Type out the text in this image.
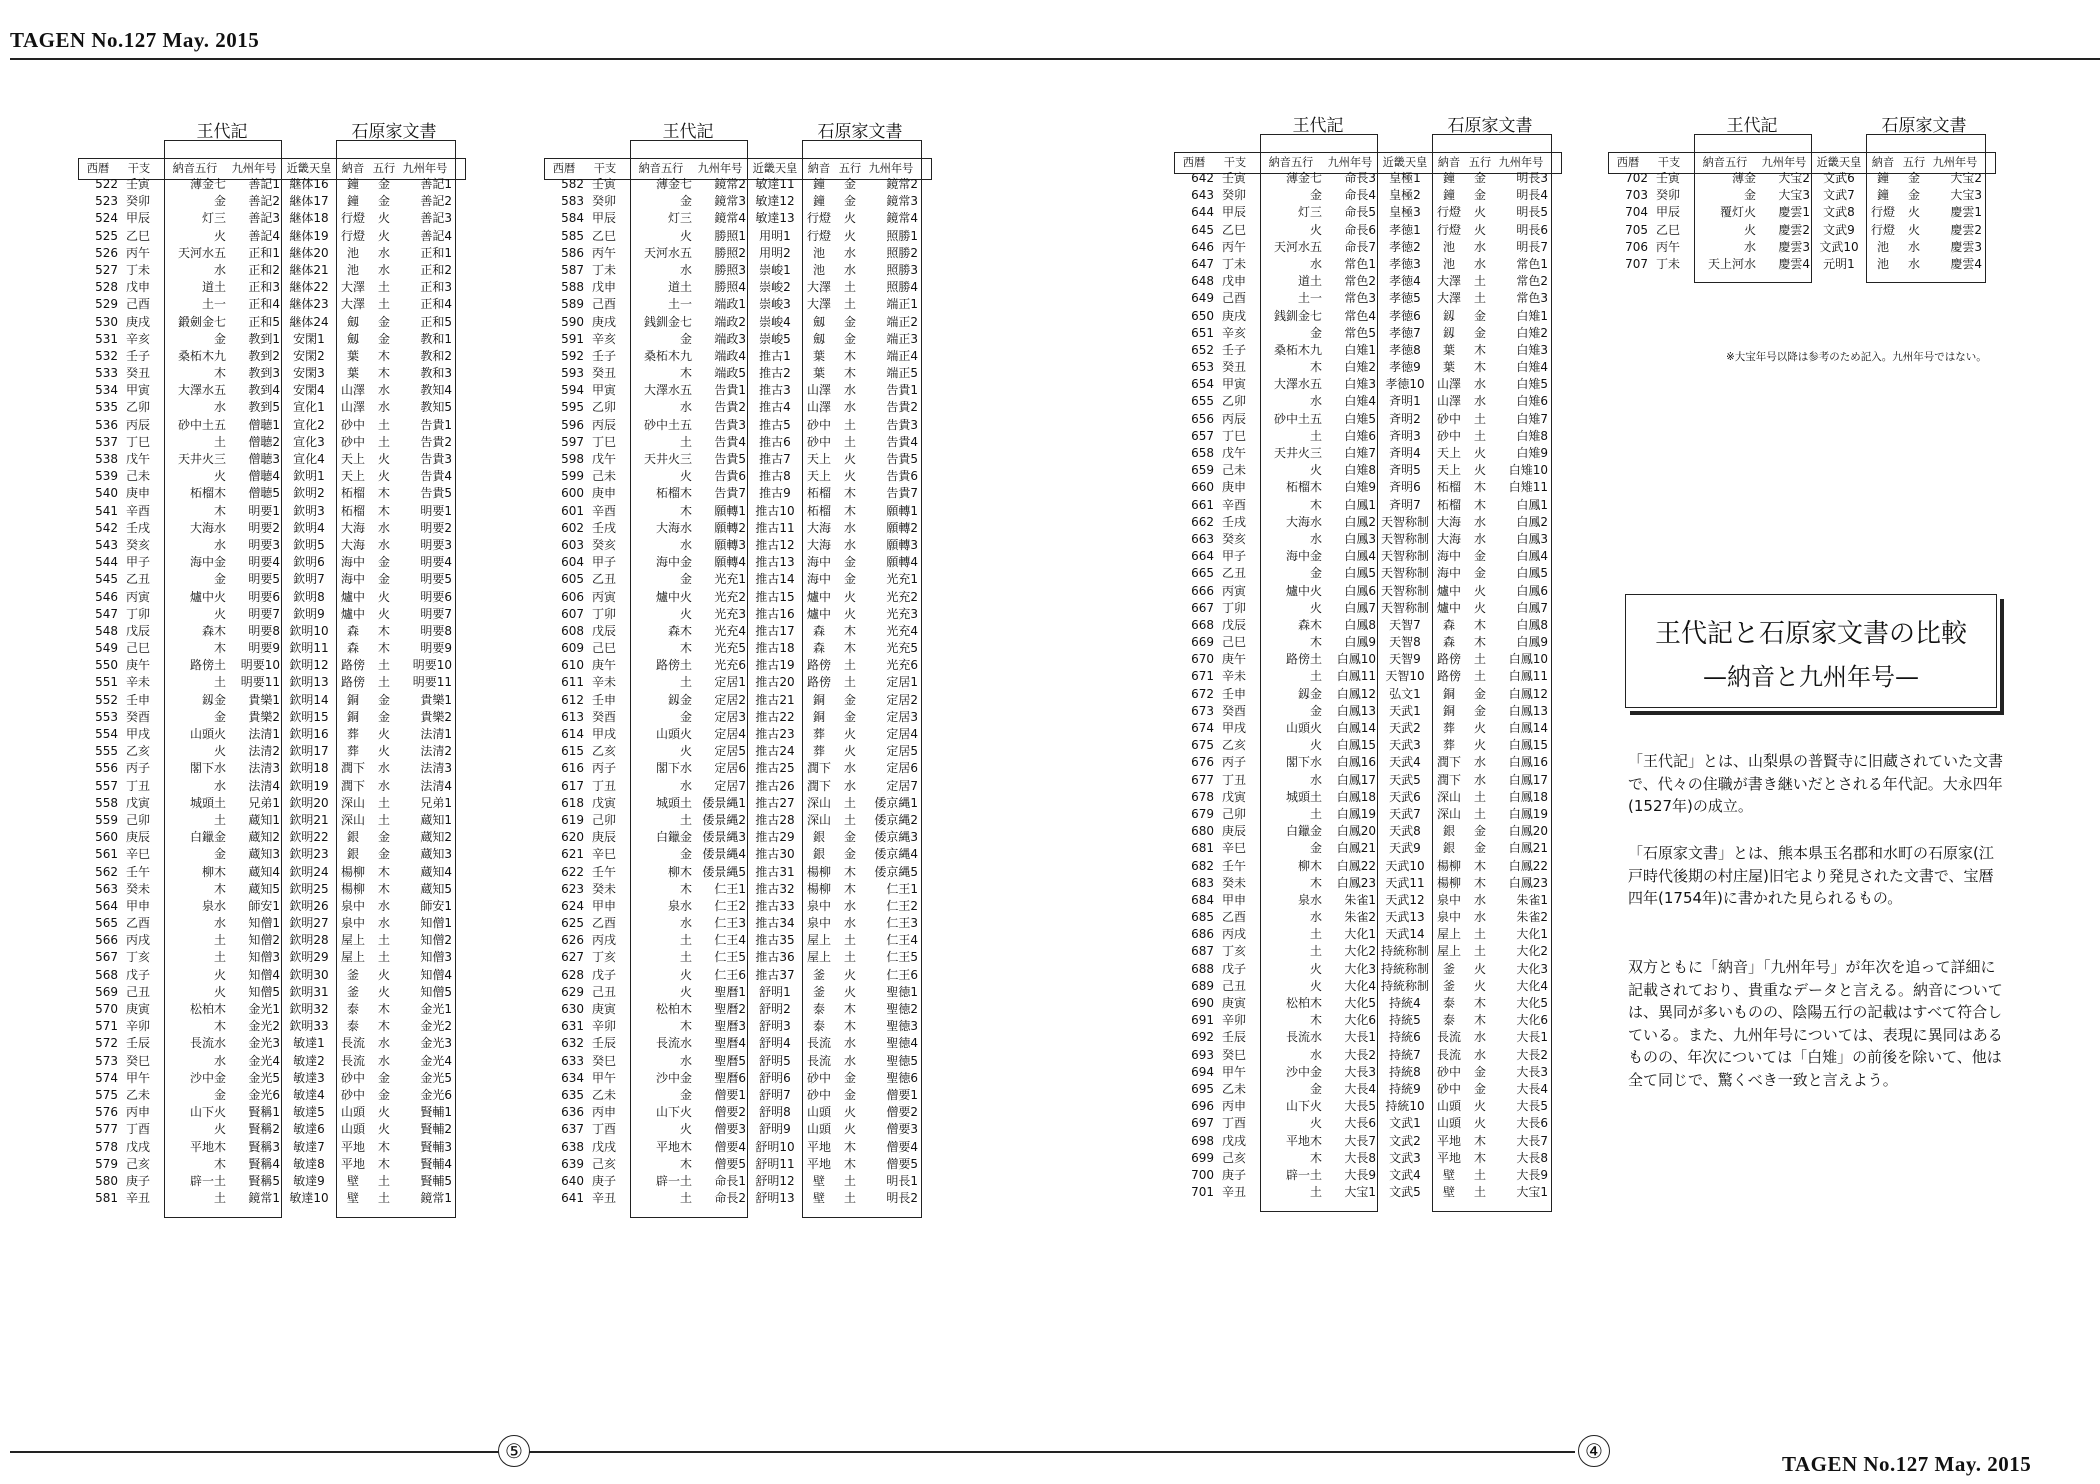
TAGEN No.127 May. 2015
⑤	④
TAGEN No.127 May. 2015
王代記	石原家文書
西暦	干支	納音五行	九州年号 近畿天皇 納音 五行 九州年号
522 壬寅	薄金七	善記1 継体16	鐘	金	善記1
523 癸卯	金	善記2 継体17	鐘	金	善記2
524 甲辰	灯三	善記3 継体18	行燈	火	善記3
525 乙巳	火	善記4 継体19	行燈	火	善記4
526 丙午	天河水五	正和1 継体20	池	水	正和1
527 丁未	水	正和2 継体21	池	水	正和2
528 戊申	道土	正和3 継体22	大澤	土	正和3
529 己酉	土一	正和4 継体23	大澤	土	正和4
530 庚戌	鍛劍金七	正和5 継体24	劔	金	正和5
531 辛亥	金	教到1	安閑1	劔	金	教和1
532 壬子	桑柘木九	教到2	安閑2	葉	木	教和2
533 癸丑	木	教到3	安閑3	葉	木	教和3
534 甲寅	大澤水五	教到4	安閑4	山澤	水	教知4
535 乙卯	水	教到5	宣化1	山澤	水	教知5
536 丙辰	砂中土五	僧聴1	宣化2	砂中	土	告貴1
537 丁巳	土	僧聴2	宣化3	砂中	土	告貴2
538 戊午	天井火三	僧聴3	宣化4	天上	火	告貴3
539 己未	火	僧聴4	欽明1	天上	火	告貴4
540 庚申	柘榴木	僧聴5	欽明2	柘榴	木	告貴5
541 辛酉	木	明要1	欽明3	柘榴	木	明要1
542 壬戌	大海水	明要2	欽明4	大海	水	明要2
543 癸亥	水	明要3	欽明5	大海	水	明要3
544 甲子	海中金	明要4	欽明6	海中	金	明要4
545 乙丑	金	明要5	欽明7	海中	金	明要5
546 丙寅	爐中火	明要6	欽明8	爐中	火	明要6
547 丁卯	火	明要7	欽明9	爐中	火	明要7
548 戊辰	森木	明要8 欽明10	森	木	明要8
549 己巳	木	明要9 欽明11	森	木	明要9
550 庚午	路傍土	明要10 欽明12	路傍	土	明要10
551 辛未	土	明要11 欽明13	路傍	土	明要11
552 壬申	釼金	貴樂1 欽明14	銅	金	貴樂1
553 癸酉	金	貴樂2 欽明15	銅	金	貴樂2
554 甲戌	山頭火	法清1 欽明16	葬	火	法清1
555 乙亥	火	法清2 欽明17	葬	火	法清2
556 丙子	閣下水	法清3 欽明18	潤下	水	法清3
557 丁丑	水	法清4 欽明19	潤下	水	法清4
558 戊寅	城頭土	兄弟1 欽明20	深山	土	兄弟1
559 己卯	土	蔵知1 欽明21	深山	土	蔵知1
560 庚辰	白鑞金	蔵知2 欽明22	銀	金	蔵知2
561 辛巳	金	蔵知3 欽明23	銀	金	蔵知3
562 壬午	柳木	蔵知4 欽明24	楊柳	木	蔵知4
563 癸未	木	蔵知5 欽明25	楊柳	木	蔵知5
564 甲申	泉水	師安1 欽明26	泉中	水	師安1
565 乙酉	水	知僧1 欽明27	泉中	水	知僧1
566 丙戌	土	知僧2 欽明28	屋上	土	知僧2
567 丁亥	土	知僧3 欽明29	屋上	土	知僧3
568 戊子	火	知僧4 欽明30	釜	火	知僧4
569 己丑	火	知僧5 欽明31	釜	火	知僧5
570 庚寅	松柏木	金光1 欽明32	泰	木	金光1
571 辛卯	木	金光2 欽明33	泰	木	金光2
572 壬辰	長流水	金光3	敏達1	長流	水	金光3
573 癸巳	水	金光4	敏達2	長流	水	金光4
574 甲午	沙中金	金光5	敏達3	砂中	金	金光5
575 乙未	金	金光6	敏達4	砂中	金	金光6
576 丙申	山下火	賢稱1	敏達5	山頭	火	賢輔1
577 丁酉	火	賢稱2	敏達6	山頭	火	賢輔2
578 戊戌	平地木	賢稱3	敏達7	平地	木	賢輔3
579 己亥	木	賢稱4	敏達8	平地	木	賢輔4
580 庚子	辟一土	賢稱5	敏達9	壁	土	賢輔5
581 辛丑	土	鏡常1 敏達10	壁	土	鏡常1
王代記	石原家文書
西暦	干支	納音五行	九州年号 近畿天皇 納音 五行 九州年号
582 壬寅	薄金七	鏡常2 敏達11	鐘	金	鏡常2
583 癸卯	金	鏡常3 敏達12	鐘	金	鏡常3
584 甲辰	灯三	鏡常4 敏達13	行燈	火	鏡常4
585 乙巳	火	勝照1	用明1	行燈	火	照勝1
586 丙午	天河水五	勝照2	用明2	池	水	照勝2
587 丁未	水	勝照3	崇峻1	池	水	照勝3
588 戊申	道土	勝照4	崇峻2	大澤	土	照勝4
589 己酉	土一	端政1	崇峻3	大澤	土	端正1
590 庚戌	銭釧金七	端政2	崇峻4	劔	金	端正2
591 辛亥	金	端政3	崇峻5	劔	金	端正3
592 壬子	桑柘木九	端政4	推古1	葉	木	端正4
593 癸丑	木	端政5	推古2	葉	木	端正5
594 甲寅	大澤水五	告貴1	推古3	山澤	水	告貴1
595 乙卯	水	告貴2	推古4	山澤	水	告貴2
596 丙辰	砂中土五	告貴3	推古5	砂中	土	告貴3
597 丁巳	土	告貴4	推古6	砂中	土	告貴4
598 戊午	天井火三	告貴5	推古7	天上	火	告貴5
599 己未	火	告貴6	推古8	天上	火	告貴6
600 庚申	柘榴木	告貴7	推古9	柘榴	木	告貴7
601 辛酉	木	願轉1 推古10	柘榴	木	願轉1
602 壬戌	大海水	願轉2 推古11	大海	水	願轉2
603 癸亥	水	願轉3 推古12	大海	水	願轉3
604 甲子	海中金	願轉4 推古13	海中	金	願轉4
605 乙丑	金	光充1 推古14	海中	金	光充1
606 丙寅	爐中火	光充2 推古15	爐中	火	光充2
607 丁卯	火	光充3 推古16	爐中	火	光充3
608 戊辰	森木	光充4 推古17	森	木	光充4
609 己巳	木	光充5 推古18	森	木	光充5
610 庚午	路傍土	光充6 推古19	路傍	土	光充6
611 辛未	土	定居1 推古20	路傍	土	定居1
612 壬申	釼金	定居2 推古21	銅	金	定居2
613 癸酉	金	定居3 推古22	銅	金	定居3
614 甲戌	山頭火	定居4 推古23	葬	火	定居4
615 乙亥	火	定居5 推古24	葬	火	定居5
616 丙子	閣下水	定居6 推古25	潤下	水	定居6
617 丁丑	水	定居7 推古26	潤下	水	定居7
618 戊寅	城頭土 倭景縄1 推古27	深山	土	倭京縄1
619 己卯	土 倭景縄2 推古28	深山	土	倭京縄2
620 庚辰	白鑞金 倭景縄3 推古29	銀	金	倭京縄3
621 辛巳	金 倭景縄4 推古30	銀	金	倭京縄4
622 壬午	柳木 倭景縄5 推古31	楊柳	木	倭京縄5
623 癸未	木	仁王1 推古32	楊柳	木	仁王1
624 甲申	泉水	仁王2 推古33	泉中	水	仁王2
625 乙酉	水	仁王3 推古34	泉中	水	仁王3
626 丙戌	土	仁王4 推古35	屋上	土	仁王4
627 丁亥	土	仁王5 推古36	屋上	土	仁王5
628 戊子	火	仁王6 推古37	釜	火	仁王6
629 己丑	火	聖曆1	舒明1	釜	火	聖徳1
630 庚寅	松柏木	聖曆2	舒明2	泰	木	聖徳2
631 辛卯	木	聖曆3	舒明3	泰	木	聖徳3
632 壬辰	長流水	聖曆4	舒明4	長流	水	聖徳4
633 癸巳	水	聖曆5	舒明5	長流	水	聖徳5
634 甲午	沙中金	聖曆6	舒明6	砂中	金	聖徳6
635 乙未	金	僧要1	舒明7	砂中	金	僧要1
636 丙申	山下火	僧要2	舒明8	山頭	火	僧要2
637 丁酉	火	僧要3	舒明9	山頭	火	僧要3
638 戊戌	平地木	僧要4 舒明10	平地	木	僧要4
639 己亥	木	僧要5 舒明11	平地	木	僧要5
640 庚子	辟一土	命長1 舒明12	壁	土	明長1
641 辛丑	土	命長2 舒明13	壁	土	明長2
王代記	石原家文書
西暦	干支	納音五行	九州年号 近畿天皇 納音 五行 九州年号
642 壬寅	薄金七	命長3	皇極1	鐘	金	明長3
643 癸卯	金	命長4	皇極2	鐘	金	明長4
644 甲辰	灯三	命長5	皇極3	行燈	火	明長5
645 乙巳	火	命長6	孝徳1	行燈	火	明長6
646 丙午	天河水五	命長7	孝徳2	池	水	明長7
647 丁未	水	常色1	孝徳3	池	水	常色1
648 戊申	道土	常色2	孝徳4	大澤	土	常色2
649 己酉	土一	常色3	孝徳5	大澤	土	常色3
650 庚戌	銭釧金七	常色4	孝徳6	釼	金	白雉1
651 辛亥	金	常色5	孝徳7	釼	金	白雉2
652 壬子	桑柘木九	白雉1	孝徳8	葉	木	白雉3
653 癸丑	木	白雉2	孝徳9	葉	木	白雉4
654 甲寅	大澤水五	白雉3 孝徳10	山澤	水	白雉5
655 乙卯	水	白雉4	斉明1	山澤	水	白雉6
656 丙辰	砂中土五	白雉5	斉明2	砂中	土	白雉7
657 丁巳	土	白雉6	斉明3	砂中	土	白雉8
658 戊午	天井火三	白雉7	斉明4	天上	火	白雉9
659 己未	火	白雉8	斉明5	天上	火	白雉10
660 庚申	柘榴木	白雉9	斉明6	柘榴	木	白雉11
661 辛酉	木	白鳳1	斉明7	柘榴	木	白鳳1
662 壬戌	大海水	白鳳2 天智称制 大海	水	白鳳2
663 癸亥	水	白鳳3 天智称制 大海	水	白鳳3
664 甲子	海中金	白鳳4 天智称制 海中	金	白鳳4
665 乙丑	金	白鳳5 天智称制 海中	金	白鳳5
666 丙寅	爐中火	白鳳6 天智称制 爐中	火	白鳳6
667 丁卯	火	白鳳7 天智称制 爐中	火	白鳳7
668 戊辰	森木	白鳳8	天智7	森	木	白鳳8
669 己巳	木	白鳳9	天智8	森	木	白鳳9
670 庚午	路傍土	白鳳10	天智9	路傍	土	白鳳10
671 辛未	土	白鳳11 天智10	路傍	土	白鳳11
672 壬申	釼金	白鳳12	弘文1	銅	金	白鳳12
673 癸酉	金	白鳳13	天武1	銅	金	白鳳13
674 甲戌	山頭火	白鳳14	天武2	葬	火	白鳳14
675 乙亥	火	白鳳15	天武3	葬	火	白鳳15
676 丙子	閣下水	白鳳16	天武4	潤下	水	白鳳16
677 丁丑	水	白鳳17	天武5	潤下	水	白鳳17
678 戊寅	城頭土	白鳳18	天武6	深山	土	白鳳18
679 己卯	土	白鳳19	天武7	深山	土	白鳳19
680 庚辰	白鑞金	白鳳20	天武8	銀	金	白鳳20
681 辛巳	金	白鳳21	天武9	銀	金	白鳳21
682 壬午	柳木	白鳳22 天武10	楊柳	木	白鳳22
683 癸未	木	白鳳23 天武11	楊柳	木	白鳳23
684 甲申	泉水	朱雀1 天武12	泉中	水	朱雀1
685 乙酉	水	朱雀2 天武13	泉中	水	朱雀2
686 丙戌	土	大化1 天武14	屋上	土	大化1
687 丁亥	土	大化2 持統称制 屋上	土	大化2
688 戊子	火	大化3 持統称制	釜	火	大化3
689 己丑	火	大化4 持統称制	釜	火	大化4
690 庚寅	松柏木	大化5	持統4	泰	木	大化5
691 辛卯	木	大化6	持統5	泰	木	大化6
692 壬辰	長流水	大長1	持統6	長流	水	大長1
693 癸巳	水	大長2	持統7	長流	水	大長2
694 甲午	沙中金	大長3	持統8	砂中	金	大長3
695 乙未	金	大長4	持統9	砂中	金	大長4
696 丙申	山下火	大長5 持統10	山頭	火	大長5
697 丁酉	火	大長6	文武1	山頭	火	大長6
698 戊戌	平地木	大長7	文武2	平地	木	大長7
699 己亥	木	大長8	文武3	平地	木	大長8
700 庚子	辟一土	大長9	文武4	壁	土	大長9
701 辛丑	土	大宝1	文武5	壁	土	大宝1
王代記	石原家文書
西暦	干支	納音五行	九州年号 近畿天皇 納音 五行 九州年号
702 壬寅	薄金	大宝2	文武6	鐘	金	大宝2
703 癸卯	金	大宝3	文武7	鐘	金	大宝3
704 甲辰	覆灯火	慶雲1	文武8	行燈	火	慶雲1
705 乙巳	火	慶雲2	文武9	行燈	火	慶雲2
706 丙午	水	慶雲3 文武10	池	水	慶雲3
707 丁未	天上河水	慶雲4	元明1	池	水	慶雲4
※大宝年号以降は参考のため記入。九州年号ではない。
王代記と石原家文書の比較
—納音と九州年号—
「王代記」とは、山梨県の普賢寺に旧蔵されていた文書で、代々の住職が書き継いだとされる年代記。大永四年(1527年)の成立。
「石原家文書」とは、熊本県玉名郡和水町の石原家(江戸時代後期の村庄屋)旧宅より発見された文書で、宝暦四年(1754年)に書かれた見られるもの。
双方ともに「納音」「九州年号」が年次を追って詳細に記載されており、貴重なデータと言える。納音については、異同が多いものの、陰陽五行の記載はすべて符合している。また、九州年号については、表現に異同はあるものの、年次については「白雉」の前後を除いて、他は全て同じで、驚くべき一致と言えよう。
